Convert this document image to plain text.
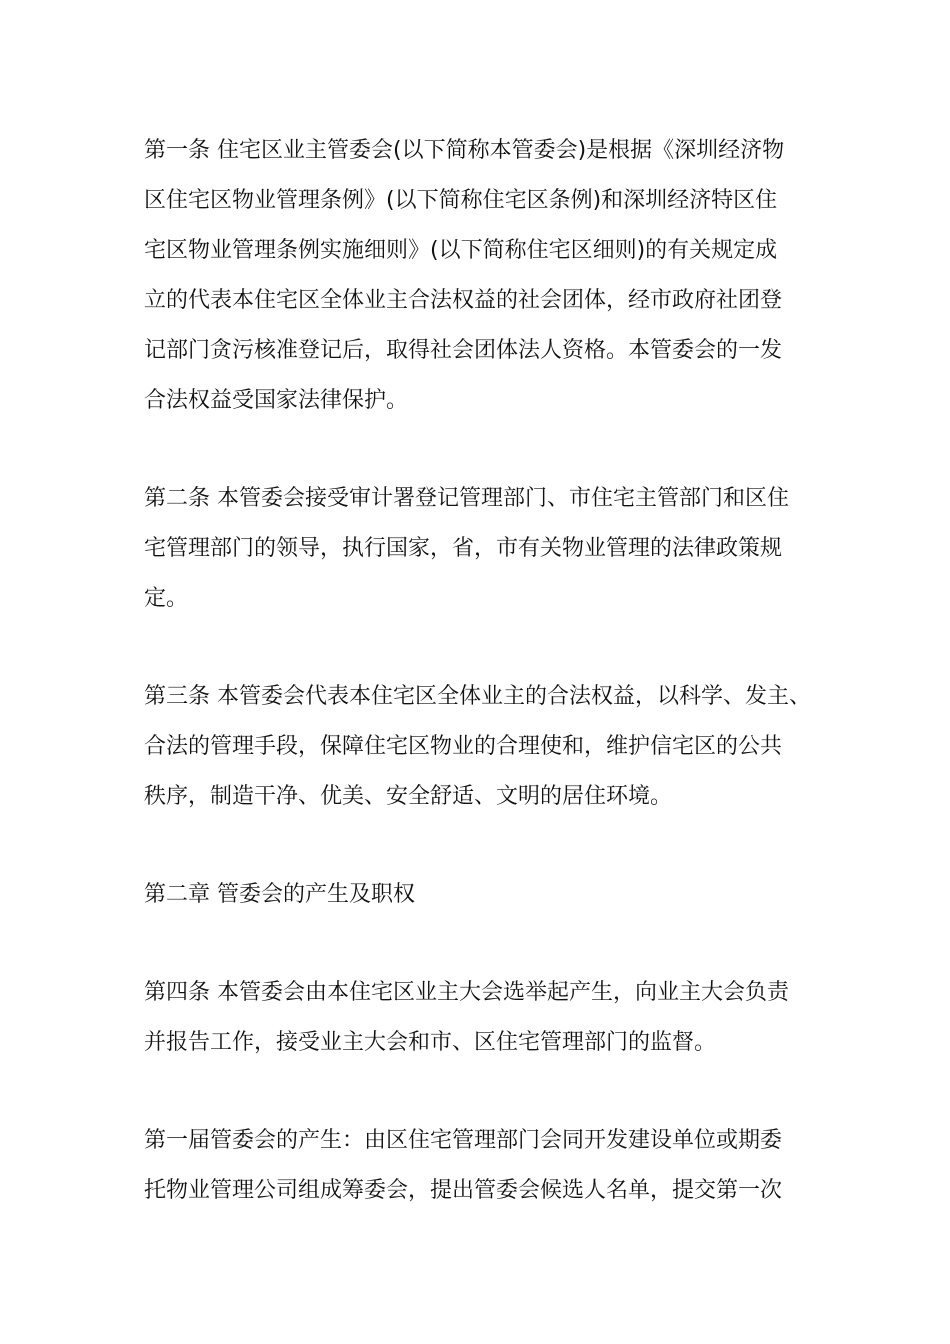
第一条 住宅区业主管委会(以下简称本管委会)是根据《深圳经济物
区住宅区物业管理条例》(以下简称住宅区条例)和深圳经济特区住
宅区物业管理条例实施细则》(以下简称住宅区细则)的有关规定成
立的代表本住宅区全体业主合法权益的社会团体，经市政府社团登
记部门贪污核准登记后，取得社会团体法人资格。本管委会的一发
合法权益受国家法律保护。

第二条 本管委会接受审计署登记管理部门、市住宅主管部门和区住
宅管理部门的领导，执行国家，省，市有关物业管理的法律政策规
定。

第三条 本管委会代表本住宅区全体业主的合法权益，以科学、发主、
合法的管理手段，保障住宅区物业的合理使和，维护信宅区的公共
秩序，制造干净、优美、安全舒适、文明的居住环境。

第二章 管委会的产生及职权

第四条 本管委会由本住宅区业主大会选举起产生，向业主大会负责
并报告工作，接受业主大会和市、区住宅管理部门的监督。

第一届管委会的产生：由区住宅管理部门会同开发建设单位或期委
托物业管理公司组成筹委会，提出管委会候选人名单，提交第一次
